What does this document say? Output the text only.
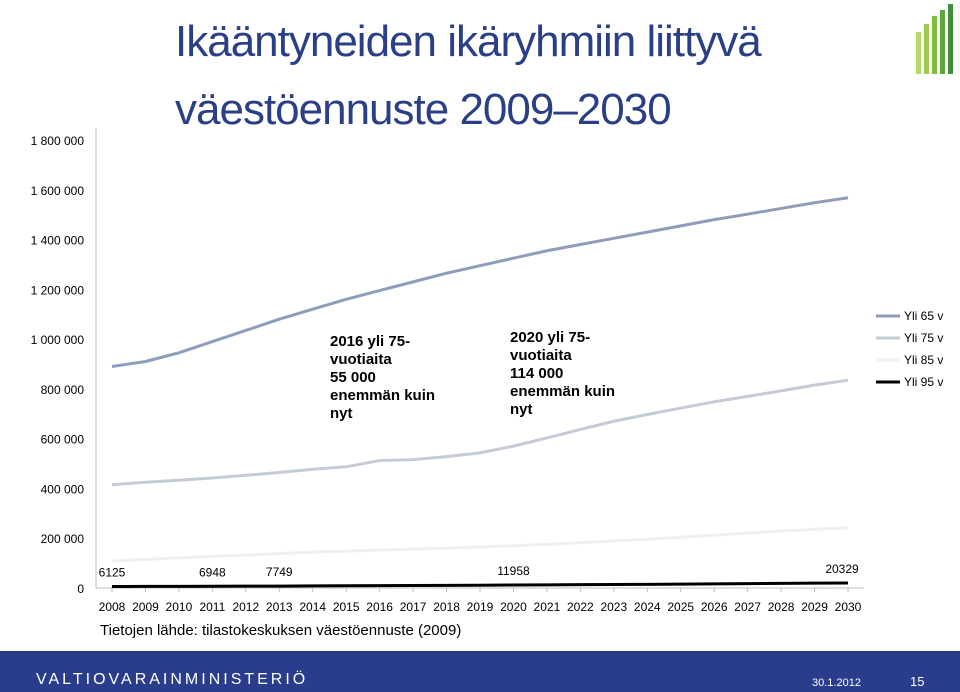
Ikääntyneiden ikäryhmiin liittyvä
väestöennuste 2009–2030
0
200 000
400 000
600 000
800 000
1 000 000
1 200 000
1 400 000
1 600 000
1 800 000
2008 2009 2010 2011 2012 2013 2014 2015 2016 2017 2018 2019 2020 2021 2022 2023 2024 2025 2026 2027 2028 2029 2030
6125	6948	7749	11958	20329
Yli 65 v
Yli 75 v
Yli 85 v
Yli 95 v

2016 yli 75-
vuotiaita
55 000
enemmän kuin
nyt

2020 yli 75-
vuotiaita
114 000
enemmän kuin
nyt

Tietojen lähde: tilastokeskuksen väestöennuste (2009)
VALTIOVARAINMINISTERIÖ	30.1.2012	15
